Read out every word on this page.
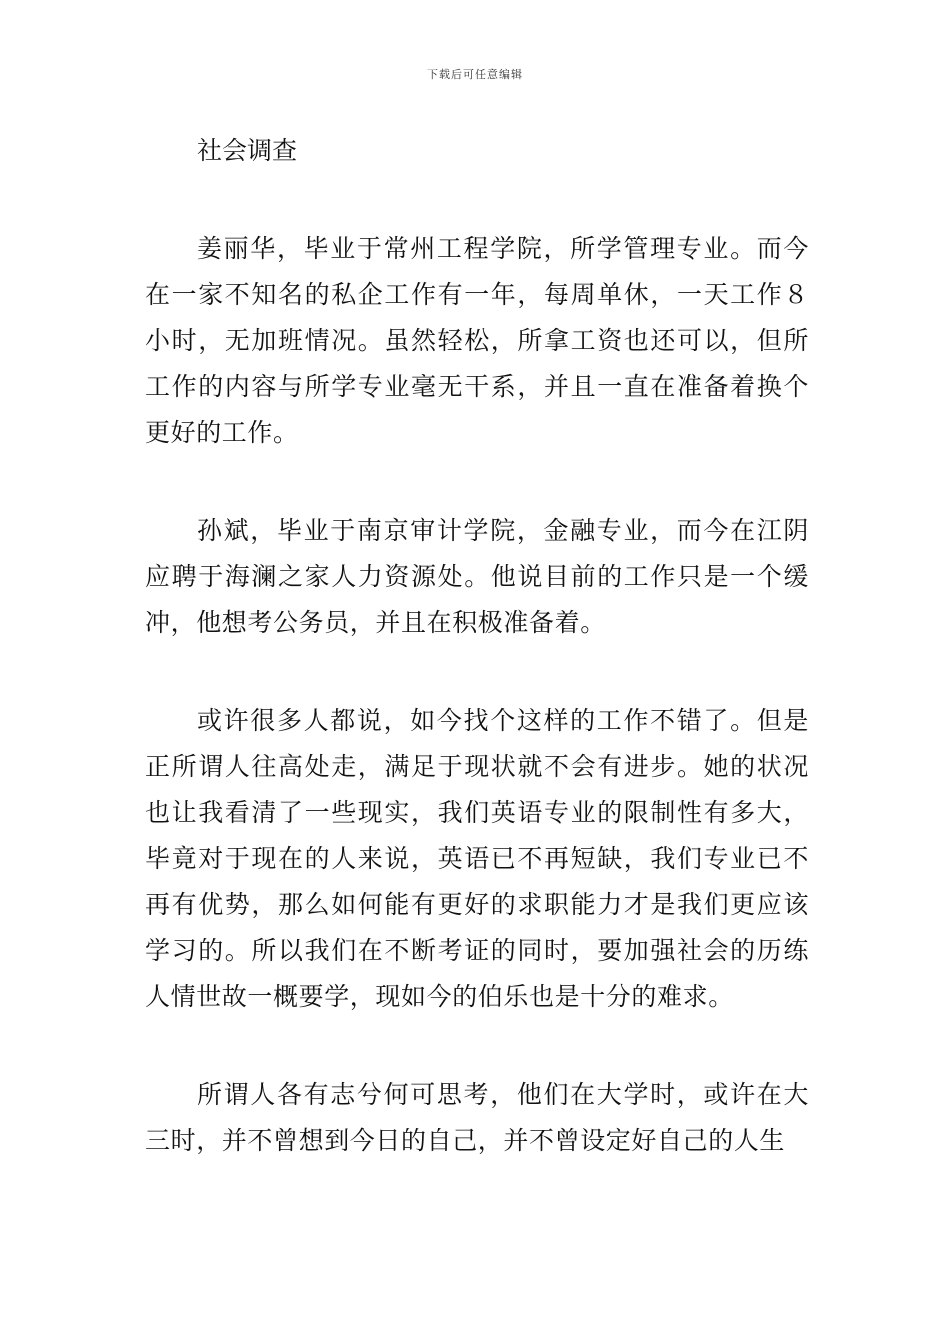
下载后可任意编辑
社会调查

姜丽华，毕业于常州工程学院，所学管理专业。而今在一家不知名的私企工作有一年，每周单休，一天工作８小时，无加班情况。虽然轻松，所拿工资也还可以，但所工作的内容与所学专业毫无干系，并且一直在准备着换个更好的工作。

孙斌，毕业于南京审计学院，金融专业，而今在江阴应聘于海澜之家人力资源处。他说目前的工作只是一个缓冲，他想考公务员，并且在积极准备着。

或许很多人都说，如今找个这样的工作不错了。但是正所谓人往高处走，满足于现状就不会有进步。她的状况也让我看清了一些现实，我们英语专业的限制性有多大，毕竟对于现在的人来说，英语已不再短缺，我们专业已不再有优势，那么如何能有更好的求职能力才是我们更应该学习的。所以我们在不断考证的同时，要加强社会的历练人情世故一概要学，现如今的伯乐也是十分的难求。

所谓人各有志兮何可思考，他们在大学时，或许在大三时，并不曾想到今日的自己，并不曾设定好自己的人生
